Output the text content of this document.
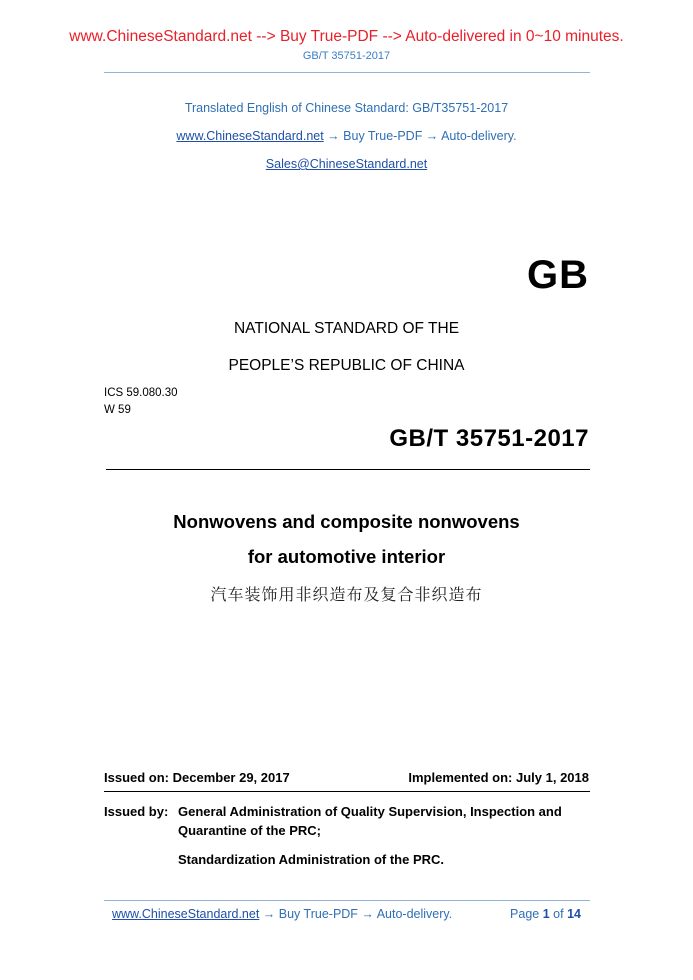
www.ChineseStandard.net --> Buy True-PDF --> Auto-delivered in 0~10 minutes.
GB/T 35751-2017
Translated English of Chinese Standard: GB/T35751-2017
www.ChineseStandard.net → Buy True-PDF → Auto-delivery.
Sales@ChineseStandard.net
GB
NATIONAL STANDARD OF THE
PEOPLE’S REPUBLIC OF CHINA
ICS 59.080.30
W 59
GB/T 35751-2017
Nonwovens and composite nonwovens
for automotive interior
汽车装饰用非织造布及复合非织造布
Issued on: December 29, 2017	Implemented on: July 1, 2018
Issued by: General Administration of Quality Supervision, Inspection and
Quarantine of the PRC;
Standardization Administration of the PRC.
www.ChineseStandard.net → Buy True-PDF → Auto-delivery.	Page 1 of 14
